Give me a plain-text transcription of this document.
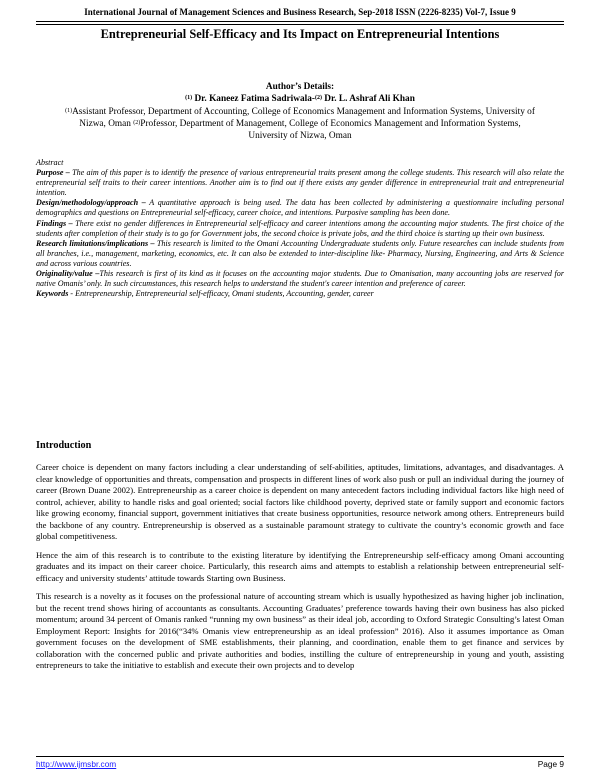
International Journal of Management Sciences and Business Research, Sep-2018 ISSN (2226-8235) Vol-7, Issue 9
Entrepreneurial Self-Efficacy and Its Impact on Entrepreneurial Intentions
Author’s Details:
$^{(1)}$ Dr. Kaneez Fatima Sadriwala-$^{(2)}$ Dr. L. Ashraf Ali Khan
$^{(1)}$Assistant Professor, Department of Accounting, College of Economics Management and Information Systems, University of Nizwa, Oman $^{(2)}$Professor, Department of Management, College of Economics Management and Information Systems, University of Nizwa, Oman

Abstract

Purpose – The aim of this paper is to identify the presence of various entrepreneurial traits present among the college students. This research will also relate the entrepreneurial self traits to their career intentions. Another aim is to find out if there exists any gender difference in entrepreneurial trait and entrepreneurial intention.

Design/methodology/approach – A quantitative approach is being used. The data has been collected by administering a questionnaire including personal demographics and questions on Entrepreneurial self-efficacy, career choice, and intentions. Purposive sampling has been done.

Findings – There exist no gender differences in Entrepreneurial self-efficacy and career intentions among the accounting major students. The first choice of the students after completion of their study is to go for Government jobs, the second choice is private jobs, and the third choice is starting up their own business.

Research limitations/implications – This research is limited to the Omani Accounting Undergraduate students only. Future researches can include students from all branches, i.e., management, marketing, economics, etc. It can also be extended to inter-discipline like- Pharmacy, Nursing, Engineering, and Arts & Science and across various countries.

Originality/value –This research is first of its kind as it focuses on the accounting major students. Due to Omanisation, many accounting jobs are reserved for native Omanis’ only. In such circumstances, this research helps to understand the student's career intention and preference of career.

Keywords - Entrepreneurship, Entrepreneurial self-efficacy, Omani students, Accounting, gender, career

Introduction

Career choice is dependent on many factors including a clear understanding of self-abilities, aptitudes, limitations, advantages, and disadvantages. A clear knowledge of opportunities and threats, compensation and prospects in different lines of work also push or pull an individual during the journey of career (Brown Duane 2002). Entrepreneurship as a career choice is dependent on many antecedent factors including individual factors like high need of control, achiever, ability to handle risks and goal oriented; social factors like childhood poverty, deprived state or family support and economic factors like growing economy, financial support, government initiatives that create business opportunities, resource network among others. Entrepreneurs build the backbone of any country. Entrepreneurship is observed as a sustainable paramount strategy to cultivate the country’s economic growth and face global competitiveness.

Hence the aim of this research is to contribute to the existing literature by identifying the Entrepreneurship self-efficacy among Omani accounting graduates and its impact on their career choice. Particularly, this research aims and attempts to establish a relationship between entrepreneurial self-efficacy and university students’ attitude towards Starting own Business.

This research is a novelty as it focuses on the professional nature of accounting stream which is usually hypothesized as having higher job inclination, but the recent trend shows hiring of accountants as consultants. Accounting Graduates’ preference towards having their own business has also picked momentum; around 34 percent of Omanis ranked “running my own business” as their ideal job, according to Oxford Strategic Consulting’s latest Oman Employment Report: Insights for 2016(“34% Omanis view entrepreneurship as an ideal profession” 2016). Also it assumes importance as Oman government focuses on the development of SME establishments, their planning, and coordination, enable them to get finance and services by collaboration with the concerned public and private authorities and bodies, instilling the culture of entrepreneurship in young and youth, assisting entrepreneurs to take the initiative to establish and execute their own projects and to develop

http://www.ijmsbr.com	Page 9
